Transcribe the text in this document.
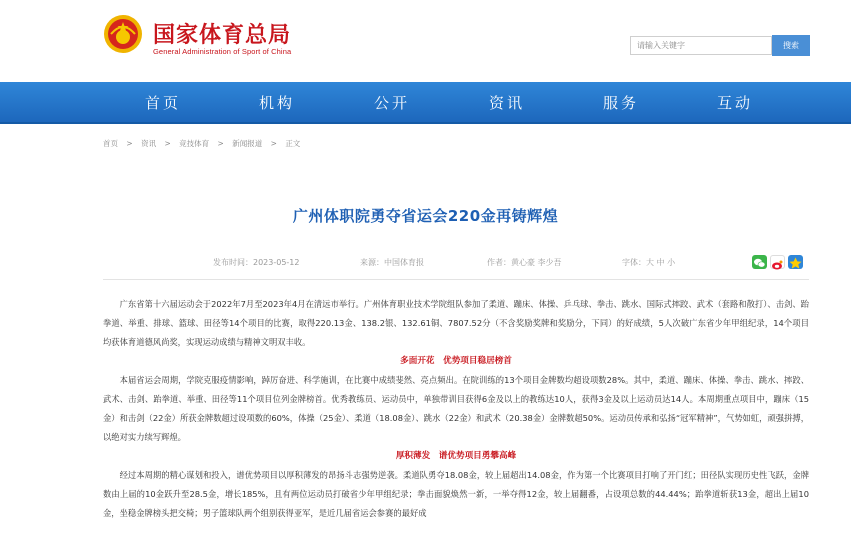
国家体育总局
General Administration of Sport of China
请输入关键字	搜索
首页	机构	公开	资讯	服务	互动
首页 > 资讯 > 竞技体育 > 新闻报道 > 正文
广州体职院勇夺省运会220金再铸辉煌
发布时间：2023-05-12	来源：中国体育报	作者：黄心豪 李少吾	字体：大 中 小

广东省第十六届运动会于2022年7月至2023年4月在清远市举行。广州体育职业技术学院组队参加了柔道、蹦床、体操、乒乓球、拳击、跳水、国际式摔跤、武术（套路和散打）、击剑、跆拳道、举重、排球、篮球、田径等14个项目的比赛，取得220.13金、138.2银、132.61铜、7807.52分（不含奖励奖牌和奖励分，下同）的好成绩，5人次破广东省少年甲组纪录，14个项目均获体育道德风尚奖，实现运动成绩与精神文明双丰收。

多面开花　优势项目稳居榜首

本届省运会周期，学院克服疫情影响，踔厉奋进、科学施训，在比赛中成绩斐然、亮点频出。在院训练的13个项目金牌数均超设项数28%。其中，柔道、蹦床、体操、拳击、跳水、摔跤、武术、击剑、跆拳道、举重、田径等11个项目位列金牌榜首。优秀教练员、运动员中，单独带训目获得6金及以上的教练达10人，获得3金及以上运动员达14人。本周期重点项目中，蹦床（15金）和击剑（22金）所获金牌数超过设项数的60%，体操（25金）、柔道（18.08金）、跳水（22金）和武术（20.38金）金牌数超50%。运动员传承和弘扬“冠军精神”，气势如虹，顽强拼搏，以绝对实力续写辉煌。

厚积薄发　谱优势项目勇攀高峰

经过本周期的精心谋划和投入，谱优势项目以厚积薄发的昂扬斗志强势逆袭。柔道队勇夺18.08金，较上届超出14.08金，作为第一个比赛项目打响了开门红；田径队实现历史性飞跃，金牌数由上届的10金跃升至28.5金，增长185%，且有两位运动员打破省少年甲组纪录；拳击面貌焕然一新，一举夺得12金，较上届翻番，占设项总数的44.44%；跆拳道斩获13金，超出上届10金，坐稳金牌榜头把交椅；男子篮球队两个组别获得亚军，是近几届省运会参赛的最好成
